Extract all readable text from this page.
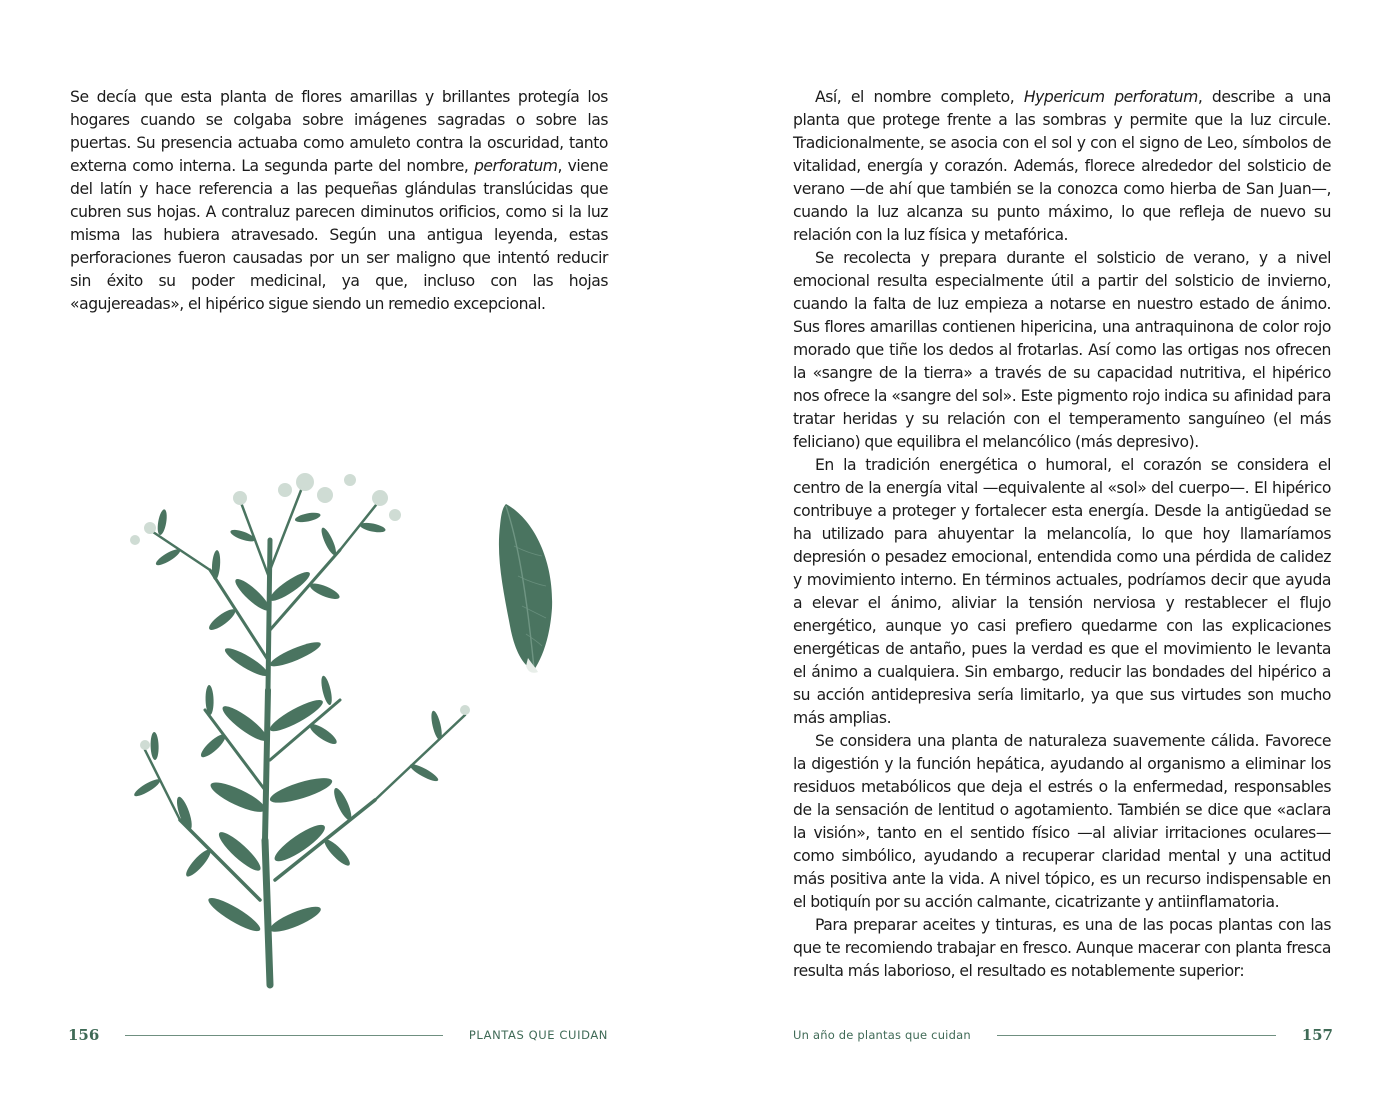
Se decía que esta planta de flores amarillas y brillantes protegía los hogares cuando se colgaba sobre imágenes sagradas o sobre las puertas. Su presencia actuaba como amuleto contra la oscuridad, tanto externa como interna. La segunda parte del nombre, perforatum, viene del latín y hace referencia a las pequeñas glándulas translúcidas que cubren sus hojas. A contraluz parecen diminutos orificios, como si la luz misma las hubiera atravesado. Según una antigua leyenda, estas perforaciones fueron causadas por un ser maligno que intentó reducir sin éxito su poder medicinal, ya que, incluso con las hojas «agujereadas», el hipérico sigue siendo un remedio excepcional.

156	PLANTAS QUE CUIDAN

Así, el nombre completo, Hypericum perforatum, describe a una planta que protege frente a las sombras y permite que la luz circule. Tradicionalmente, se asocia con el sol y con el signo de Leo, símbolos de vitalidad, energía y corazón. Además, florece alrededor del solsticio de verano —de ahí que también se la conozca como hierba de San Juan—, cuando la luz alcanza su punto máximo, lo que refleja de nuevo su relación con la luz física y metafórica.

Se recolecta y prepara durante el solsticio de verano, y a nivel emocional resulta especialmente útil a partir del solsticio de invierno, cuando la falta de luz empieza a notarse en nuestro estado de ánimo. Sus flores amarillas contienen hipericina, una antraquinona de color rojo morado que tiñe los dedos al frotarlas. Así como las ortigas nos ofrecen la «sangre de la tierra» a través de su capacidad nutritiva, el hipérico nos ofrece la «sangre del sol». Este pigmento rojo indica su afinidad para tratar heridas y su relación con el temperamento sanguíneo (el más feliciano) que equilibra el melancólico (más depresivo).

En la tradición energética o humoral, el corazón se considera el centro de la energía vital —equivalente al «sol» del cuerpo—. El hipérico contribuye a proteger y fortalecer esta energía. Desde la antigüedad se ha utilizado para ahuyentar la melancolía, lo que hoy llamaríamos depresión o pesadez emocional, entendida como una pérdida de calidez y movimiento interno. En términos actuales, podríamos decir que ayuda a elevar el ánimo, aliviar la tensión nerviosa y restablecer el flujo energético, aunque yo casi prefiero quedarme con las explicaciones energéticas de antaño, pues la verdad es que el movimiento le levanta el ánimo a cualquiera. Sin embargo, reducir las bondades del hipérico a su acción antidepresiva sería limitarlo, ya que sus virtudes son mucho más amplias.

Se considera una planta de naturaleza suavemente cálida. Favorece la digestión y la función hepática, ayudando al organismo a eliminar los residuos metabólicos que deja el estrés o la enfermedad, responsables de la sensación de lentitud o agotamiento. También se dice que «aclara la visión», tanto en el sentido físico —al aliviar irritaciones oculares— como simbólico, ayudando a recuperar claridad mental y una actitud más positiva ante la vida. A nivel tópico, es un recurso indispensable en el botiquín por su acción calmante, cicatrizante y antiinflamatoria.

Para preparar aceites y tinturas, es una de las pocas plantas con las que te recomiendo trabajar en fresco. Aunque macerar con planta fresca resulta más laborioso, el resultado es notablemente superior:

Un año de plantas que cuidan	157
